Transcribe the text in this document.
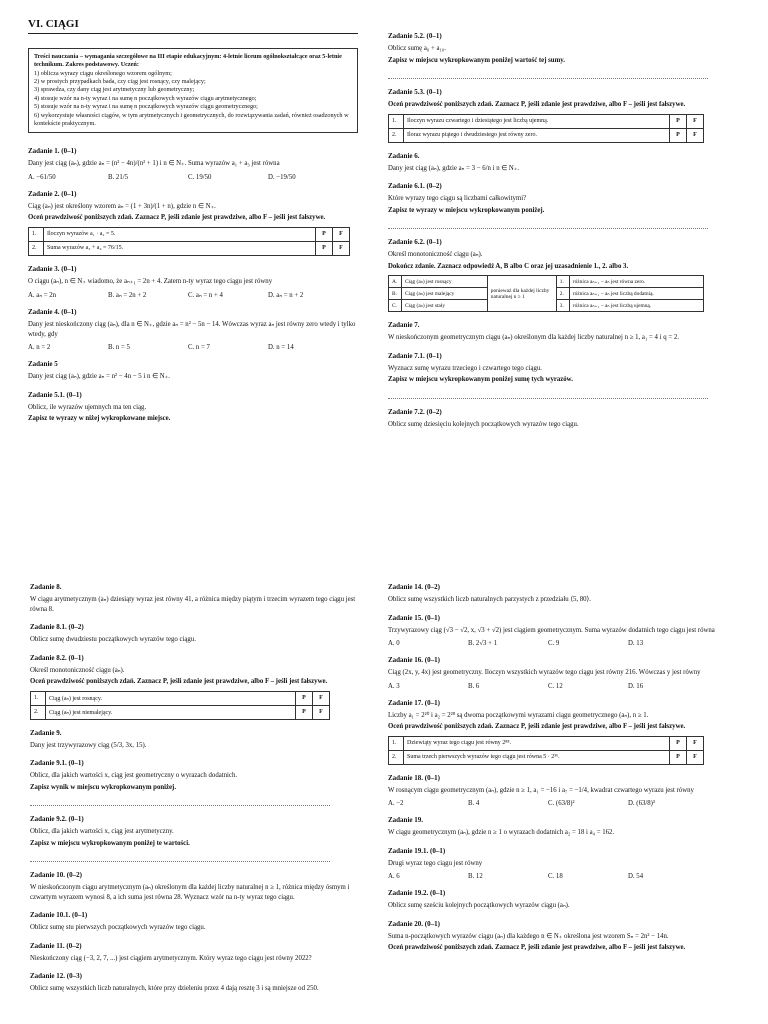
VI. CIĄGI
Treści nauczania – wymagania szczegółowe na III etapie edukacyjnym: 4-letnie liceum ogólnokształcące oraz 5-letnie technikum. Zakres podstawowy. Uczeń:
1) oblicza wyrazy ciągu określonego wzorem ogólnym;
2) w prostych przypadkach bada, czy ciąg jest rosnący, czy malejący;
3) sprawdza, czy dany ciąg jest arytmetyczny lub geometryczny;
4) stosuje wzór na n-ty wyraz i na sumę n początkowych wyrazów ciągu arytmetycznego;
5) stosuje wzór na n-ty wyraz i na sumę n początkowych wyrazów ciągu geometrycznego;
6) wykorzystuje własności ciągów, w tym arytmetycznych i geometrycznych, do rozwiązywania zadań, również osadzonych w kontekście praktycznym.
Zadanie 1. (0–1)
Dany jest ciąg (aₙ), gdzie aₙ = (n² − 4n)/(n² + 1) i n ∈ N₊. Suma wyrazów a₁ + a₃ jest równa
A. −61/50	B. 21/5	C. 19/50	D. −19/50
Zadanie 2. (0–1)
Ciąg (aₙ) jest określony wzorem aₙ = (1 + 3n)/(1 + n), gdzie n ∈ N₊.
Oceń prawdziwość poniższych zdań. Zaznacz P, jeśli zdanie jest prawdziwe, albo F – jeśli jest fałszywe.
1.	Iloczyn wyrazów a₁ · a₂ = 5.	P	F
2.	Suma wyrazów a₃ + a₄ = 76/15.	P	F
Zadanie 3. (0–1)
O ciągu (aₙ), n ∈ N₊ wiadomo, że aₙ₊₁ = 2n + 4. Zatem n-ty wyraz tego ciągu jest równy
A. aₙ = 2n	B. aₙ = 2n + 2	C. aₙ = n + 4	D. aₙ = n + 2
Zadanie 4. (0–1)
Dany jest nieskończony ciąg (aₙ), dla n ∈ N₊, gdzie aₙ = n² − 5n − 14. Wówczas wyraz aₙ jest równy zero wtedy i tylko wtedy, gdy
A. n = 2	B. n = 5	C. n = 7	D. n = 14
Zadanie 5
Dany jest ciąg (aₙ), gdzie aₙ = n² − 4n − 5 i n ∈ N₊.
Zadanie 5.1. (0–1)
Oblicz, ile wyrazów ujemnych ma ten ciąg.
Zapisz te wyrazy w niżej wykropkowane miejsce.
Zadanie 5.2. (0–1)
Oblicz sumę a₆ + a₁₀.
Zapisz w miejscu wykropkowanym poniżej wartość tej sumy.
Zadanie 5.3. (0–1)
Oceń prawdziwość poniższych zdań. Zaznacz P, jeśli zdanie jest prawdziwe, albo F – jeśli jest fałszywe.
1.	Iloczyn wyrazu czwartego i dziesiątego jest liczbą ujemną.	P	F
2.	Iloraz wyrazu piątego i dwudziestego jest równy zero.	P	F
Zadanie 6.
Dany jest ciąg (aₙ), gdzie aₙ = 3 − 6/n i n ∈ N₊.
Zadanie 6.1. (0–2)
Które wyrazy tego ciągu są liczbami całkowitymi?
Zapisz te wyrazy w miejscu wykropkowanym poniżej.
Zadanie 6.2. (0–1)
Określ monotoniczność ciągu (aₙ).
Dokończ zdanie. Zaznacz odpowiedź A, B albo C oraz jej uzasadnienie 1., 2. albo 3.
A.	Ciąg (aₙ) jest rosnący	ponieważ dla każdej liczby naturalnej n ≥ 1	1.	różnica aₙ₊₁ − aₙ jest równa zero.
B.	Ciąg (aₙ) jest malejący		2.	różnica aₙ₊₁ − aₙ jest liczbą dodatnią.
C.	Ciąg (aₙ) jest stały		3.	różnica aₙ₊₁ − aₙ jest liczbą ujemną.
Zadanie 7.
W nieskończonym geometrycznym ciągu (aₙ) określonym dla każdej liczby naturalnej n ≥ 1, a₁ = 4 i q = 2.
Zadanie 7.1. (0–1)
Wyznacz sumę wyrazu trzeciego i czwartego tego ciągu.
Zapisz w miejscu wykropkowanym poniżej sumę tych wyrazów.
Zadanie 7.2. (0–2)
Oblicz sumę dziesięciu kolejnych początkowych wyrazów tego ciągu.
Zadanie 8.
W ciągu arytmetycznym (aₙ) dziesiąty wyraz jest równy 41, a różnica między piątym i trzecim wyrazem tego ciągu jest równa 8.
Zadanie 8.1. (0–2)
Oblicz sumę dwudziestu początkowych wyrazów tego ciągu.
Zadanie 8.2. (0–1)
Określ monotoniczność ciągu (aₙ).
Oceń prawdziwość poniższych zdań. Zaznacz P, jeśli zdanie jest prawdziwe, albo F – jeśli jest fałszywe.
1.	Ciąg (aₙ) jest rosnący.	P	F
2.	Ciąg (aₙ) jest niemalejący.	P	F
Zadanie 9.
Dany jest trzywyrazowy ciąg (5/3, 3x, 15).
Zadanie 9.1. (0–1)
Oblicz, dla jakich wartości x, ciąg jest geometryczny o wyrazach dodatnich.
Zapisz wynik w miejscu wykropkowanym poniżej.
Zadanie 9.2. (0–1)
Oblicz, dla jakich wartości x, ciąg jest arytmetyczny.
Zapisz w miejscu wykropkowanym poniżej te wartości.
Zadanie 10. (0–2)
W nieskończonym ciągu arytmetycznym (aₙ) określonym dla każdej liczby naturalnej n ≥ 1, różnica między ósmym i czwartym wyrazem wynosi 8, a ich suma jest równa 28. Wyznacz wzór na n-ty wyraz tego ciągu.
Zadanie 10.1. (0–1)
Oblicz sumę stu pierwszych początkowych wyrazów tego ciągu.
Zadanie 11. (0–2)
Nieskończony ciąg (−3, 2, 7, ...) jest ciągiem arytmetycznym. Który wyraz tego ciągu jest równy 2022?
Zadanie 12. (0–3)
Oblicz sumę wszystkich liczb naturalnych, które przy dzieleniu przez 4 dają resztę 3 i są mniejsze od 250.
Zadanie 14. (0–2)
Oblicz sumę wszystkich liczb naturalnych parzystych z przedziału ⟨5, 80⟩.
Zadanie 15. (0–1)
Trzywyrazowy ciąg (√3 − √2, x, √3 + √2) jest ciągiem geometrycznym. Suma wyrazów dodatnich tego ciągu jest równa
A. 0	B. 2√3 + 1	C. 9	D. 13
Zadanie 16. (0–1)
Ciąg (2x, y, 4x) jest geometryczny. Iloczyn wszystkich wyrazów tego ciągu jest równy 216. Wówczas y jest równy
A. 3	B. 6	C. 12	D. 16
Zadanie 17. (0–1)
Liczby a₁ = 2²⁰ i a₂ = 2²⁸ są dwoma początkowymi wyrazami ciągu geometrycznego (aₙ), n ≥ 1.
Oceń prawdziwość poniższych zdań. Zaznacz P, jeśli zdanie jest prawdziwe, albo F – jeśli jest fałszywe.
1.	Dziewiąty wyraz tego ciągu jest równy 2⁸⁸.	P	F
2.	Suma trzech pierwszych wyrazów tego ciągu jest równa 5 · 2³⁶.	P	F
Zadanie 18. (0–1)
W rosnącym ciągu geometrycznym (aₙ), gdzie n ≥ 1, a₁ = −16 i a₇ = −1/4, kwadrat czwartego wyrazu jest równy
A. −2	B. 4	C. (63/8)²	D. (63/8)³
Zadanie 19.
W ciągu geometrycznym (aₙ), gdzie n ≥ 1 o wyrazach dodatnich a₂ = 18 i a₄ = 162.
Zadanie 19.1. (0–1)
Drugi wyraz tego ciągu jest równy
A. 6	B. 12	C. 18	D. 54
Zadanie 19.2. (0–1)
Oblicz sumę sześciu kolejnych początkowych wyrazów ciągu (aₙ).
Zadanie 20. (0–1)
Suma n-początkowych wyrazów ciągu (aₙ) dla każdego n ∈ N₊ określona jest wzorem Sₙ = 2n² − 14n.
Oceń prawdziwość poniższych zdań. Zaznacz P, jeśli zdanie jest prawdziwe, albo F – jeśli jest fałszywe.
